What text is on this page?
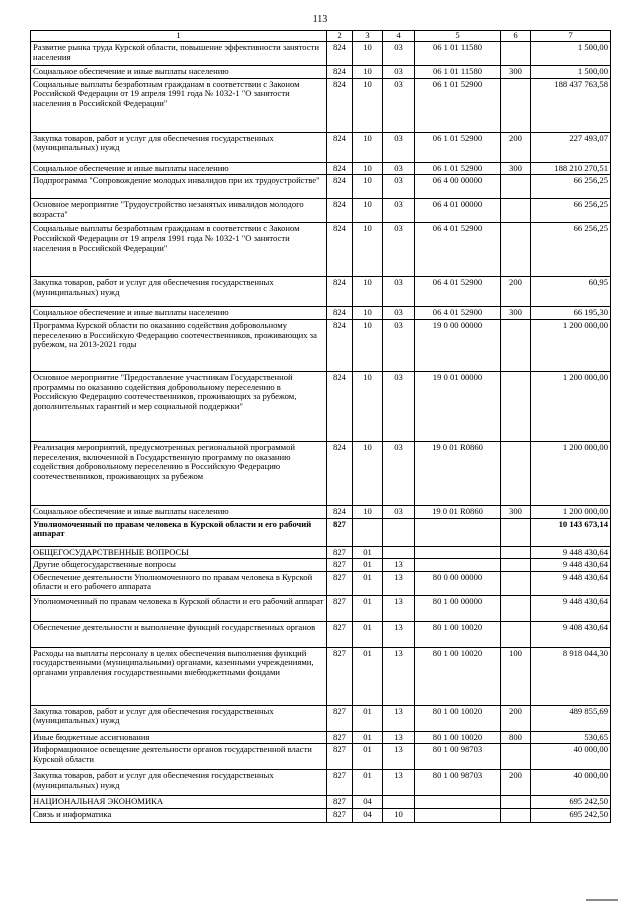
113
1	2	3	4	5	6	7
Развитие рынка труда Курской области, повышение эффективности занятости населения	824	10	03	06 1 01 11580		1 500,00
Социальное обеспечение и иные выплаты населению	824	10	03	06 1 01 11580	300	1 500,00
Социальные выплаты безработным гражданам в соответствии с Законом Российской Федерации от 19 апреля 1991 года № 1032-1 "О занятости населения в Российской Федерации"	824	10	03	06 1 01 52900		188 437 763,58
Закупка товаров, работ и услуг для обеспечения государственных (муниципальных) нужд	824	10	03	06 1 01 52900	200	227 493,07
Социальное обеспечение и иные выплаты населению	824	10	03	06 1 01 52900	300	188 210 270,51
Подпрограмма "Сопровождение молодых инвалидов при их трудоустройстве"	824	10	03	06 4 00 00000		66 256,25
Основное мероприятие "Трудоустройство незанятых инвалидов молодого возраста"	824	10	03	06 4 01 00000		66 256,25
Социальные выплаты безработным гражданам в соответствии с Законом Российской Федерации от 19 апреля 1991 года № 1032-1 "О занятости населения в Российской Федерации"	824	10	03	06 4 01 52900		66 256,25
Закупка товаров, работ и услуг для обеспечения государственных (муниципальных) нужд	824	10	03	06 4 01 52900	200	60,95
Социальное обеспечение и иные выплаты населению	824	10	03	06 4 01 52900	300	66 195,30
Программа Курской области по оказанию содействия добровольному переселению в Российскую Федерацию соотечественников, проживающих за рубежом, на 2013-2021 годы	824	10	03	19 0 00 00000		1 200 000,00
Основное мероприятие "Предоставление участникам Государственной программы по оказанию содействия добровольному переселению в Российскую Федерацию соотечественников, проживающих за рубежом, дополнительных гарантий и мер социальной поддержки"	824	10	03	19 0 01 00000		1 200 000,00
Реализация мероприятий, предусмотренных региональной программой переселения, включенной в Государственную программу по оказанию содействия добровольному переселению в Российскую Федерацию соотечественников, проживающих за рубежом	824	10	03	19 0 01 R0860		1 200 000,00
Социальное обеспечение и иные выплаты населению	824	10	03	19 0 01 R0860	300	1 200 000,00
Уполномоченный по правам человека в Курской области и его рабочий аппарат	827					10 143 673,14
ОБЩЕГОСУДАРСТВЕННЫЕ ВОПРОСЫ	827	01				9 448 430,64
Другие общегосударственные вопросы	827	01	13			9 448 430,64
Обеспечение деятельности Уполномоченного по правам человека в Курской области и его рабочего аппарата	827	01	13	80 0 00 00000		9 448 430,64
Уполномоченный по правам человека в Курской области и его рабочий аппарат	827	01	13	80 1 00 00000		9 448 430,64
Обеспечение деятельности и выполнение функций государственных органов	827	01	13	80 1 00 10020		9 408 430,64
Расходы на выплаты персоналу в целях обеспечения выполнения функций государственными (муниципальными) органами, казенными учреждениями, органами управления государственными внебюджетными фондами	827	01	13	80 1 00 10020	100	8 918 044,30
Закупка товаров, работ и услуг для обеспечения государственных (муниципальных) нужд	827	01	13	80 1 00 10020	200	489 855,69
Иные бюджетные ассигнования	827	01	13	80 1 00 10020	800	530,65
Информационное освещение деятельности органов государственной власти Курской области	827	01	13	80 1 00 98703		40 000,00
Закупка товаров, работ и услуг для обеспечения государственных (муниципальных) нужд	827	01	13	80 1 00 98703	200	40 000,00
НАЦИОНАЛЬНАЯ ЭКОНОМИКА	827	04				695 242,50
Связь и информатика	827	04	10			695 242,50
